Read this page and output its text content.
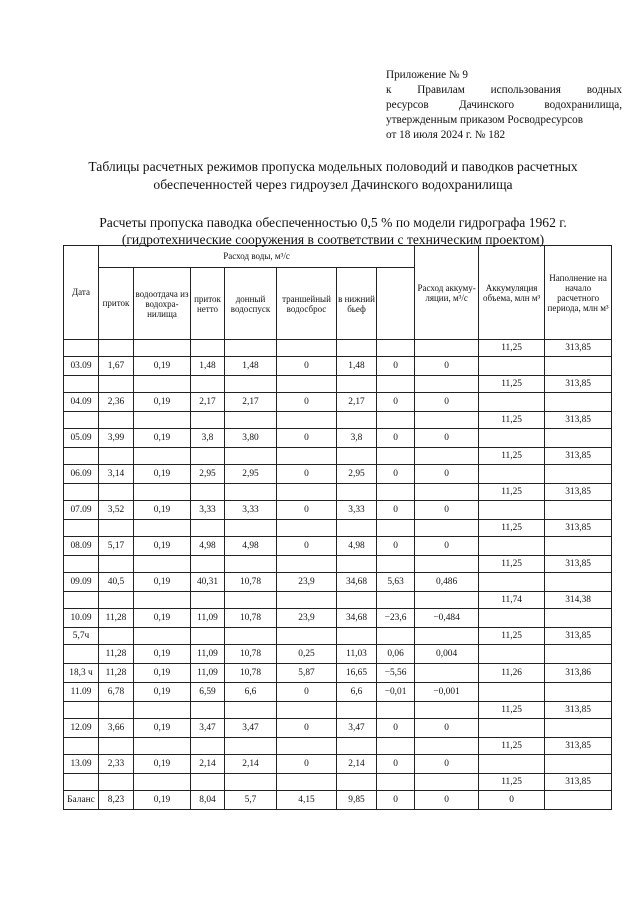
Приложение № 9
к Правилам использования водных
ресурсов Дачинского водохранилища,
утвержденным приказом Росводресурсов
от 18 июля 2024 г. № 182
Таблицы расчетных режимов пропуска модельных половодий и паводков расчетных обеспеченностей через гидроузел Дачинского водохранилища
Расчеты пропуска паводка обеспеченностью 0,5 % по модели гидрографа 1962 г.
(гидротехнические сооружения в соответствии с техническим проектом)
Дата	Расход воды, м³/с							Расход аккуму-ляции, м³/с	Аккумуляция объема, млн м³	Наполнение на начало расчетного периода, млн м³	
	приток	водоотдача из водохра-нилища	приток нетто	донный водоспуск	траншейный водосброс	в нижний бьеф					
									11,25	313,85	
03.09	1,67	0,19	1,48	1,48	0	1,48	0	0			
									11,25	313,85	
04.09	2,36	0,19	2,17	2,17	0	2,17	0	0			
									11,25	313,85	
05.09	3,99	0,19	3,8	3,80	0	3,8	0	0			
									11,25	313,85	
06.09	3,14	0,19	2,95	2,95	0	2,95	0	0			
									11,25	313,85	
07.09	3,52	0,19	3,33	3,33	0	3,33	0	0			
									11,25	313,85	
08.09	5,17	0,19	4,98	4,98	0	4,98	0	0			
									11,25	313,85	
09.09	40,5	0,19	40,31	10,78	23,9	34,68	5,63	0,486			
									11,74	314,38	
10.09	11,28	0,19	11,09	10,78	23,9	34,68	−23,6	−0,484			
5,7ч									11,25	313,85	
	11,28	0,19	11,09	10,78	0,25	11,03	0,06	0,004			
18,3 ч	11,28	0,19	11,09	10,78	5,87	16,65	−5,56		11,26	313,86	
11.09	6,78	0,19	6,59	6,6	0	6,6	−0,01	−0,001			
									11,25	313,85	
12.09	3,66	0,19	3,47	3,47	0	3,47	0	0			
									11,25	313,85	
13.09	2,33	0,19	2,14	2,14	0	2,14	0	0			
									11,25	313,85	
Баланс	8,23	0,19	8,04	5,7	4,15	9,85	0	0	0		
